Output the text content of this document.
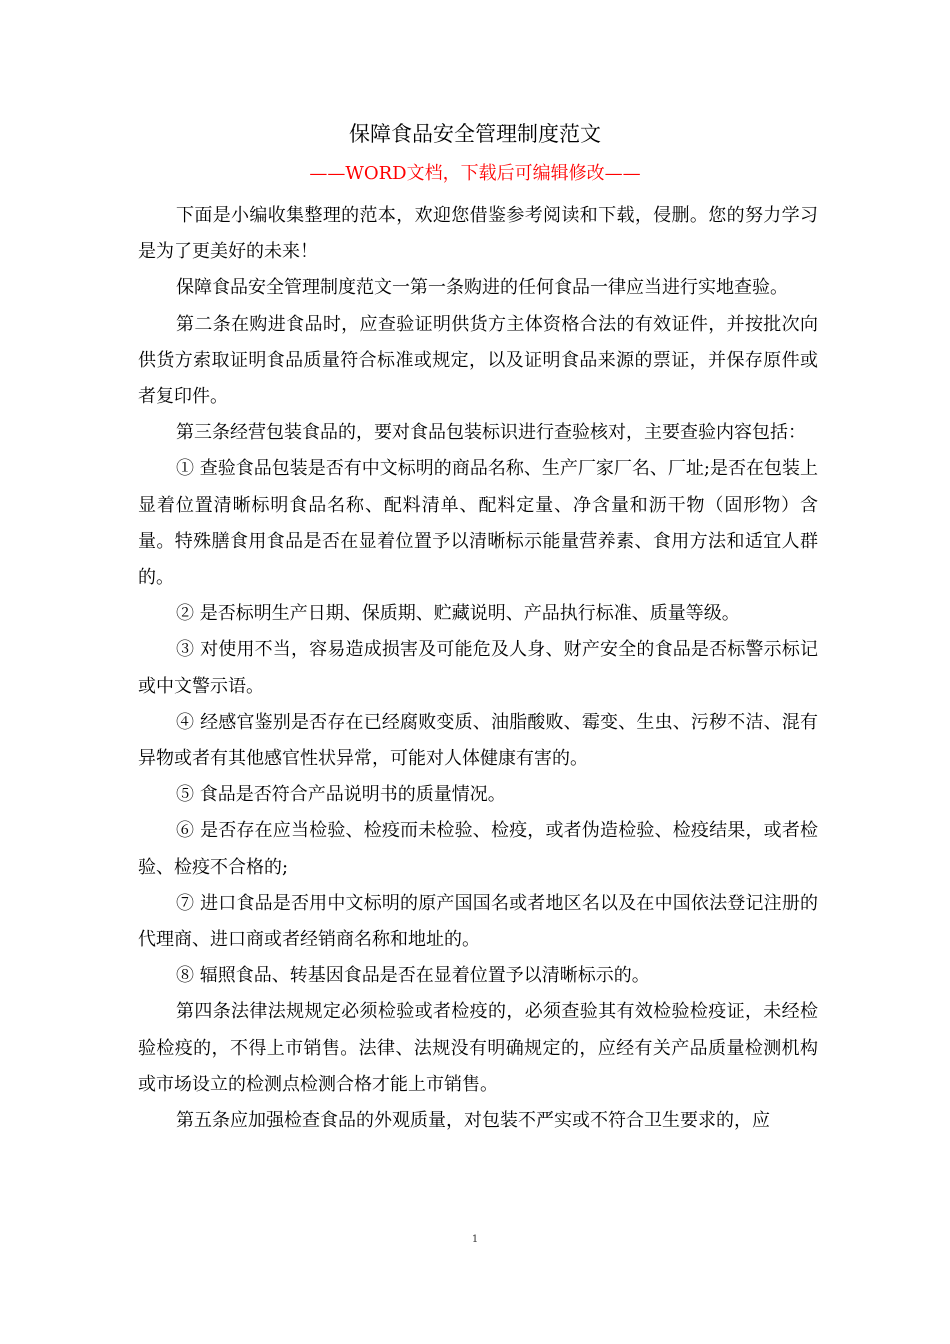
保障食品安全管理制度范文
——WORD文档，下载后可编辑修改——

下面是小编收集整理的范本，欢迎您借鉴参考阅读和下载，侵删。您的努力学习是为了更美好的未来！

保障食品安全管理制度范文一第一条购进的任何食品一律应当进行实地查验。

第二条在购进食品时，应查验证明供货方主体资格合法的有效证件，并按批次向供货方索取证明食品质量符合标准或规定，以及证明食品来源的票证，并保存原件或者复印件。

第三条经营包装食品的，要对食品包装标识进行查验核对，主要查验内容包括：

① 查验食品包装是否有中文标明的商品名称、生产厂家厂名、厂址;是否在包装上显着位置清晰标明食品名称、配料清单、配料定量、净含量和沥干物（固形物）含量。特殊膳食用食品是否在显着位置予以清晰标示能量营养素、食用方法和适宜人群的。

② 是否标明生产日期、保质期、贮藏说明、产品执行标准、质量等级。

③ 对使用不当，容易造成损害及可能危及人身、财产安全的食品是否标警示标记或中文警示语。

④ 经感官鉴别是否存在已经腐败变质、油脂酸败、霉变、生虫、污秽不洁、混有异物或者有其他感官性状异常，可能对人体健康有害的。

⑤ 食品是否符合产品说明书的质量情况。

⑥ 是否存在应当检验、检疫而未检验、检疫，或者伪造检验、检疫结果，或者检验、检疫不合格的;

⑦ 进口食品是否用中文标明的原产国国名或者地区名以及在中国依法登记注册的代理商、进口商或者经销商名称和地址的。

⑧ 辐照食品、转基因食品是否在显着位置予以清晰标示的。

第四条法律法规规定必须检验或者检疫的，必须查验其有效检验检疫证，未经检验检疫的，不得上市销售。法律、法规没有明确规定的，应经有关产品质量检测机构或市场设立的检测点检测合格才能上市销售。

第五条应加强检查食品的外观质量，对包装不严实或不符合卫生要求的，应

1
